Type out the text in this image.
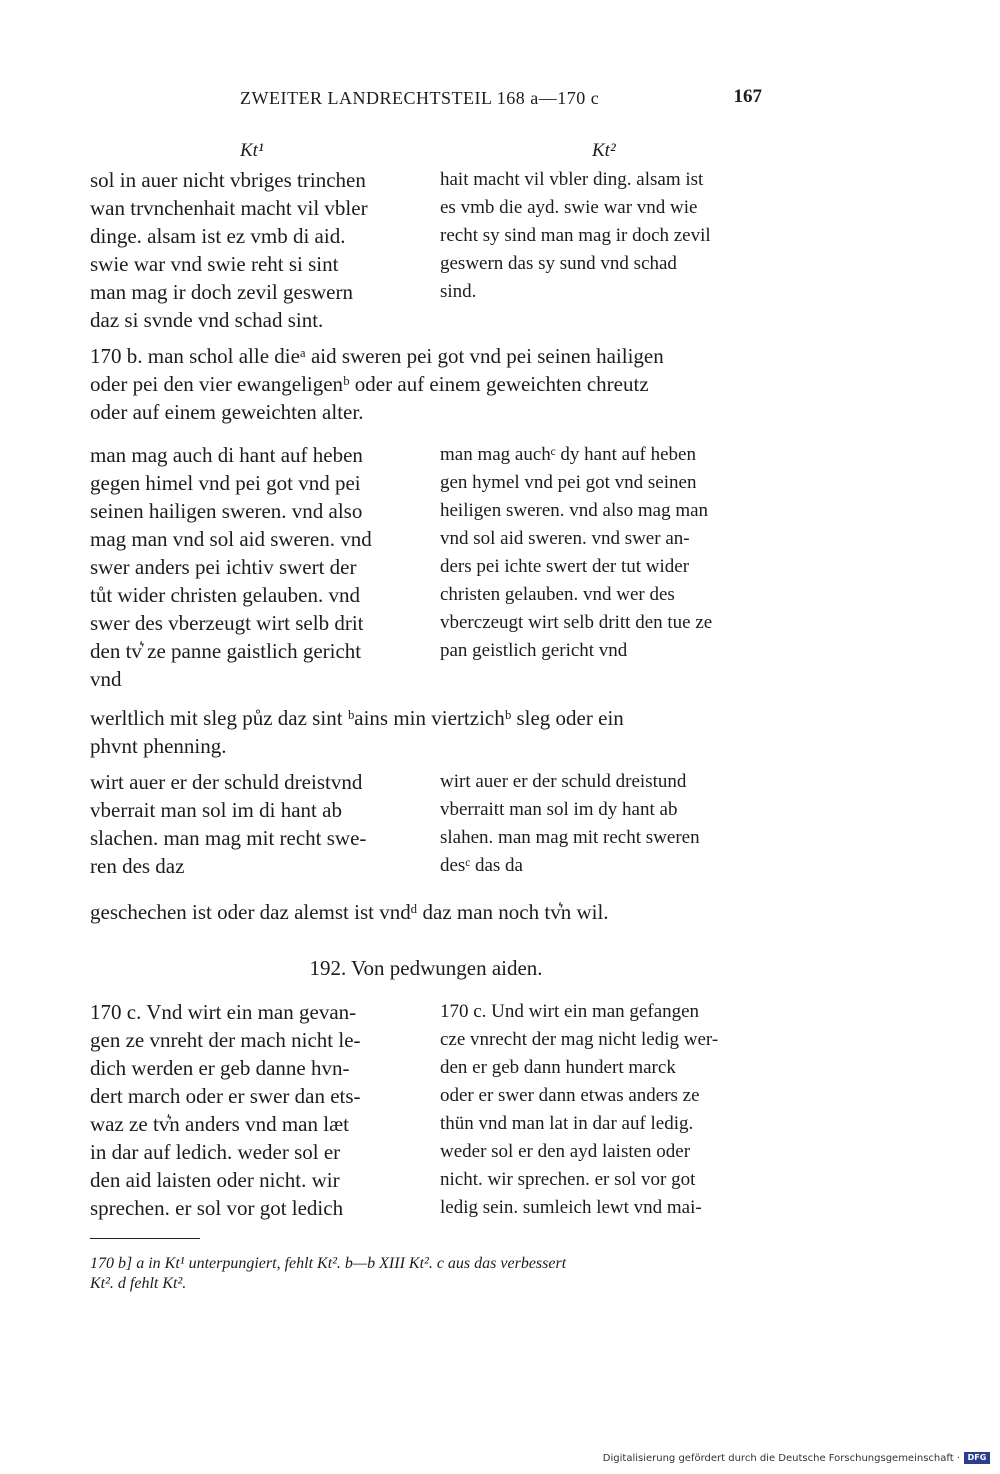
ZWEITER LANDRECHTSTEIL 168 a—170 c	167
Kt¹	Kt²
sol in auer nicht vbriges trinchen
wan trvnchenhait macht vil vbler
dinge. alsam ist ez vmb di aid.
swie war vnd swie reht si sint
man mag ir doch zevil geswern
daz si svnde vnd schad sint.
hait macht vil vbler ding. alsam ist
es vmb die ayd. swie war vnd wie
recht sy sind man mag ir doch zevil
geswern das sy sund vnd schad
sind.
170 b. man schol alle dieᵃ aid sweren pei got vnd pei seinen hailigen
oder pei den vier ewangeligenᵇ oder auf einem geweichten chreutz
oder auf einem geweichten alter.
man mag auch di hant auf heben
gegen himel vnd pei got vnd pei
seinen hailigen sweren. vnd also
mag man vnd sol aid sweren. vnd
swer anders pei ichtiv swert der
tůt wider christen gelauben. vnd
swer des vberzeugt wirt selb drit
den tv͛ ze panne gaistlich gericht
vnd
man mag auchᶜ dy hant auf heben
gen hymel vnd pei got vnd seinen
heiligen sweren. vnd also mag man
vnd sol aid sweren. vnd swer an-
ders pei ichte swert der tut wider
christen gelauben. vnd wer des
vberczeugt wirt selb dritt den tue ze
pan geistlich gericht vnd
werltlich mit sleg půz daz sint ᵇains min viertzichᵇ sleg oder ein
phvnt phenning.
wirt auer er der schuld dreistvnd
vberrait man sol im di hant ab
slachen. man mag mit recht swe-
ren des daz
wirt auer er der schuld dreistund
vberraitt man sol im dy hant ab
slahen. man mag mit recht sweren
desᶜ das da
geschechen ist oder daz alemst ist vndᵈ daz man noch tv͛n wil.
192. Von pedwungen aiden.
170 c. Vnd wirt ein man gevan-
gen ze vnreht der mach nicht le-
dich werden er geb danne hvn-
dert march oder er swer dan ets-
waz ze tv͛n anders vnd man læt
in dar auf ledich. weder sol er
den aid laisten oder nicht. wir
sprechen. er sol vor got ledich
170 c. Und wirt ein man gefangen
cze vnrecht der mag nicht ledig wer-
den er geb dann hundert marck
oder er swer dann etwas anders ze
thün vnd man lat in dar auf ledig.
weder sol er den ayd laisten oder
nicht. wir sprechen. er sol vor got
ledig sein. sumleich lewt vnd mai-
170 b] a in Kt¹ unterpungiert, fehlt Kt². b—b XIII Kt². c aus das verbessert
Kt². d fehlt Kt².
Digitalisierung gefördert durch die Deutsche Forschungsgemeinschaft · DFG
